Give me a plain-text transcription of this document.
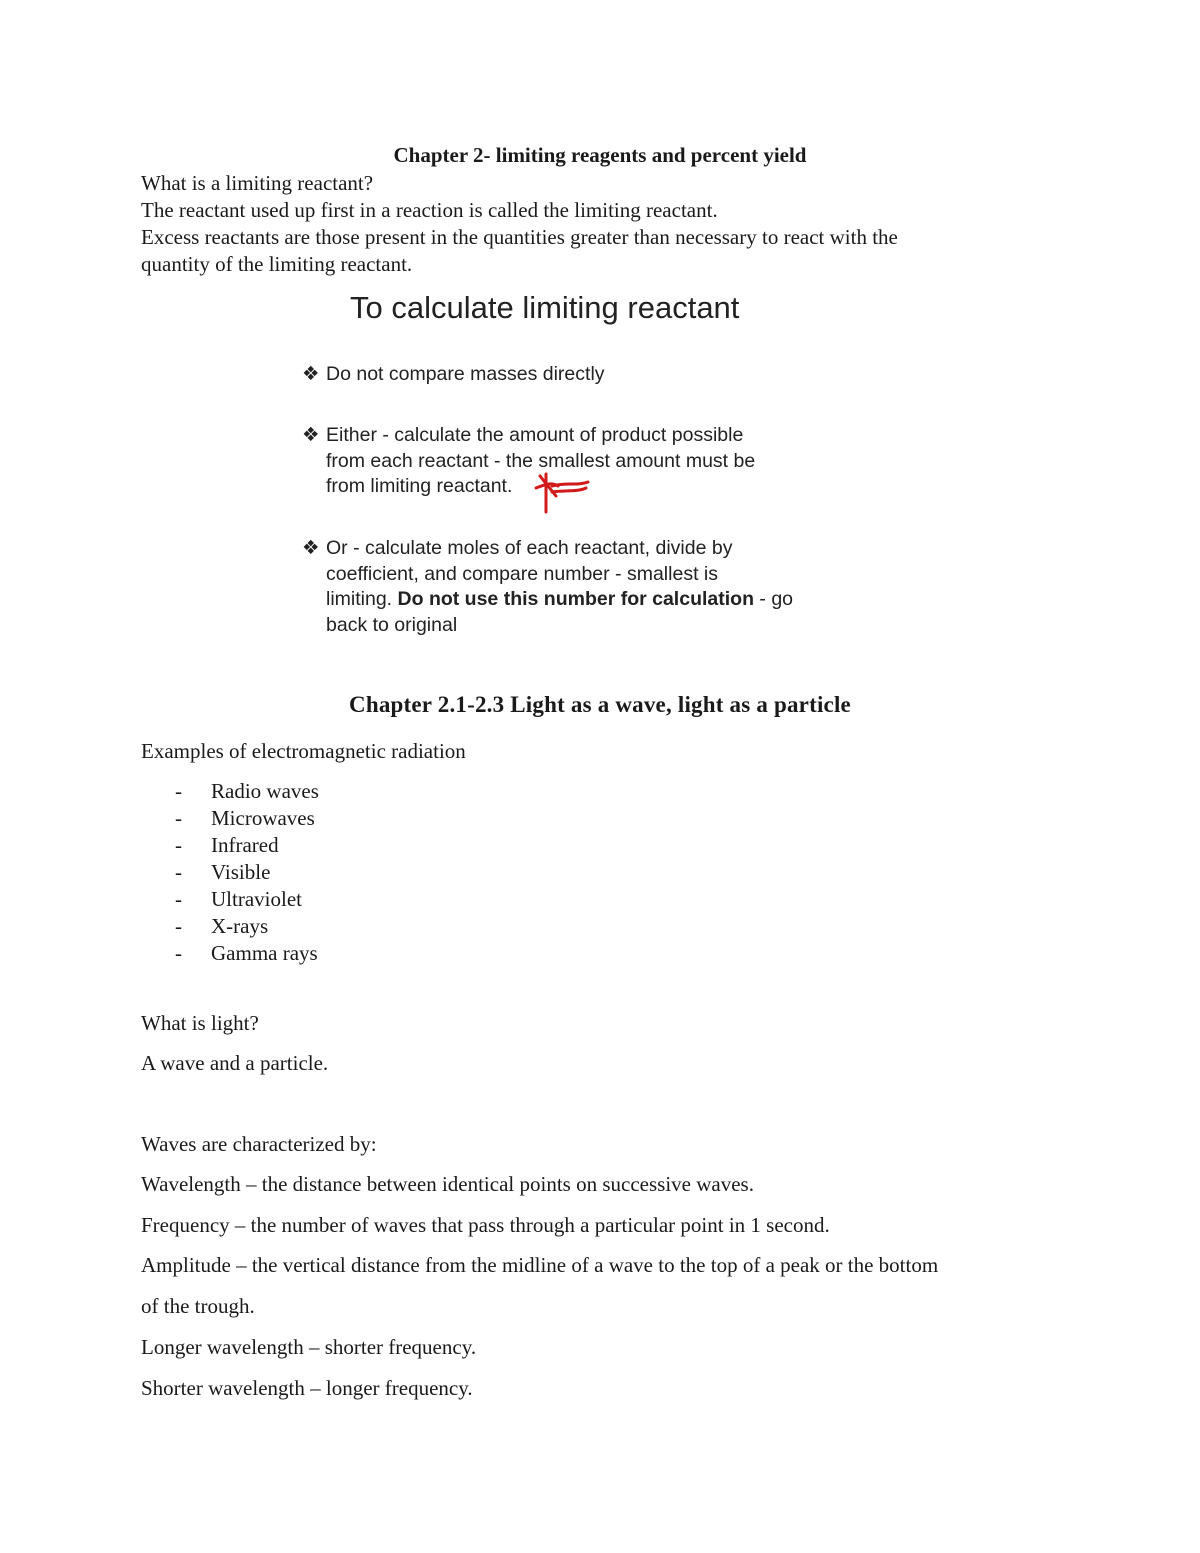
Chapter 2- limiting reagents and percent yield
What is a limiting reactant?
The reactant used up first in a reaction is called the limiting reactant.
Excess reactants are those present in the quantities greater than necessary to react with the
quantity of the limiting reactant.
To calculate limiting reactant
❖ Do not compare masses directly
❖ Either - calculate the amount of product possible
from each reactant - the smallest amount must be
from limiting reactant.
❖ Or - calculate moles of each reactant, divide by
coefficient, and compare number - smallest is
limiting. Do not use this number for calculation - go
back to original
Chapter 2.1-2.3 Light as a wave, light as a particle
Examples of electromagnetic radiation
- Radio waves
- Microwaves
- Infrared
- Visible
- Ultraviolet
- X-rays
- Gamma rays
What is light?
A wave and a particle.
Waves are characterized by:
Wavelength – the distance between identical points on successive waves.
Frequency – the number of waves that pass through a particular point in 1 second.
Amplitude – the vertical distance from the midline of a wave to the top of a peak or the bottom
of the trough.
Longer wavelength – shorter frequency.
Shorter wavelength – longer frequency.
